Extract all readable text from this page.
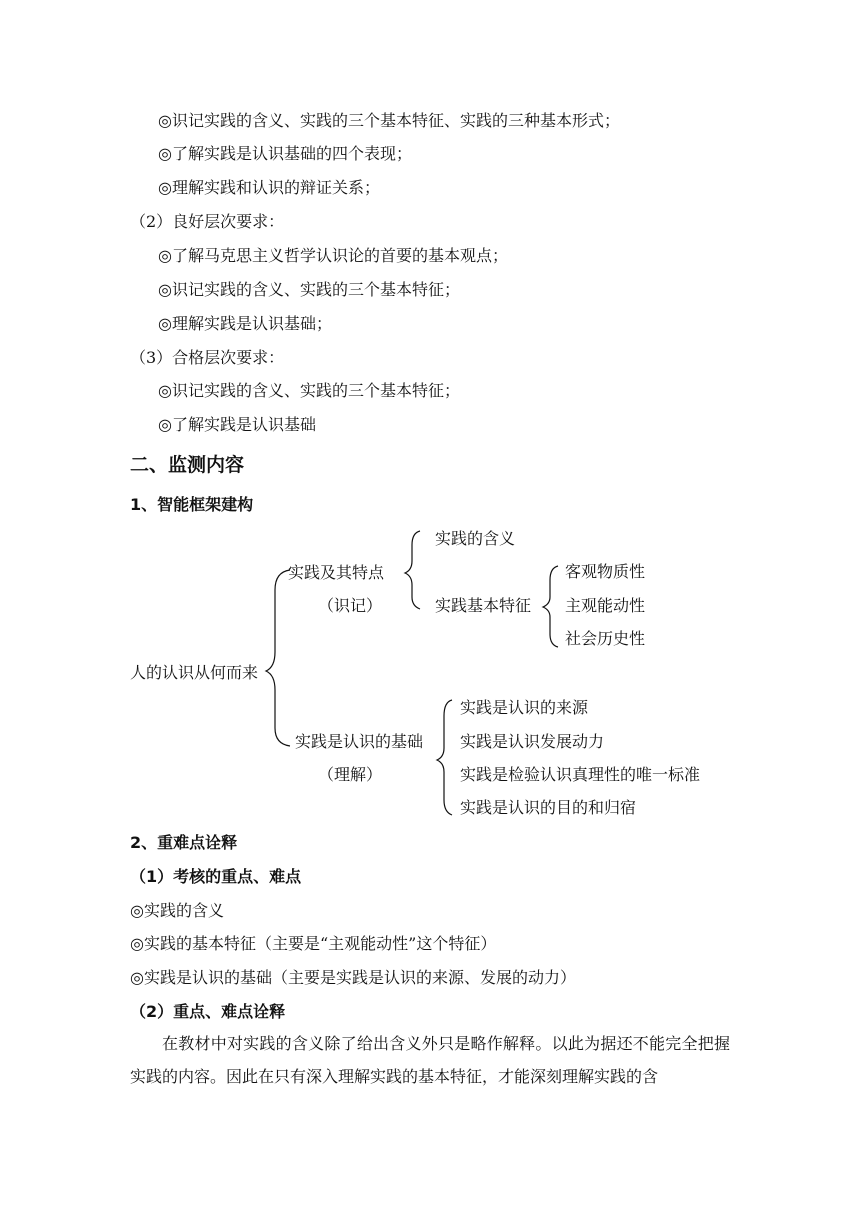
◎识记实践的含义、实践的三个基本特征、实践的三种基本形式；
◎了解实践是认识基础的四个表现；
◎理解实践和认识的辩证关系；
（2）良好层次要求：
◎了解马克思主义哲学认识论的首要的基本观点；
◎识记实践的含义、实践的三个基本特征；
◎理解实践是认识基础；
（3）合格层次要求：
◎识记实践的含义、实践的三个基本特征；
◎了解实践是认识基础
二、监测内容
1、智能框架建构
人的认识从何而来
实践及其特点
（识记）
实践的含义
实践基本特征
客观物质性
主观能动性
社会历史性
实践是认识的基础
（理解）
实践是认识的来源
实践是认识发展动力
实践是检验认识真理性的唯一标准
实践是认识的目的和归宿
2、重难点诠释
（1）考核的重点、难点
◎实践的含义
◎实践的基本特征（主要是“主观能动性”这个特征）
◎实践是认识的基础（主要是实践是认识的来源、发展的动力）
（2）重点、难点诠释
在教材中对实践的含义除了给出含义外只是略作解释。以此为据还不能完全把握实践的内容。因此在只有深入理解实践的基本特征，才能深刻理解实践的含
